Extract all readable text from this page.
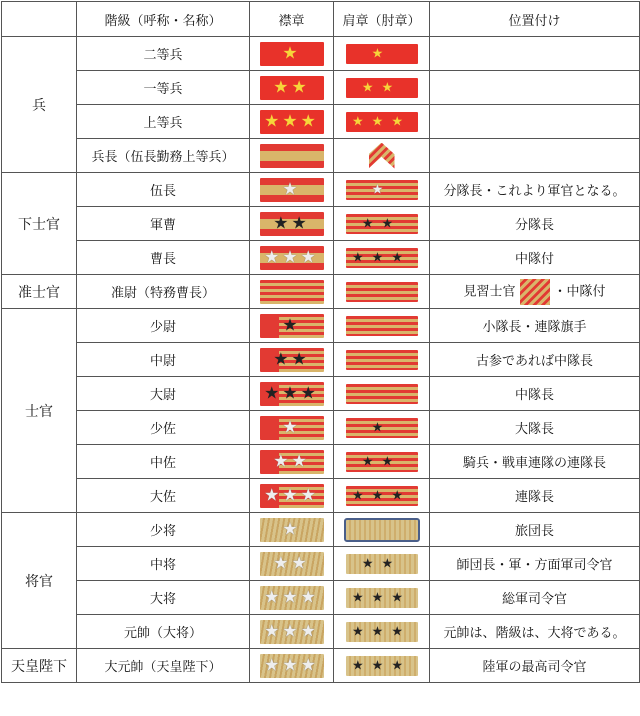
	階級（呼称・名称）	襟章	肩章（肘章）	位置付け
兵	二等兵	★	★	

	一等兵	★★	★★	

	上等兵	★★★	★★★	

	兵長（伍長勤務上等兵）			
下士官	伍長	★	★	分隊長・これより軍官となる。
	軍曹	★★	★★	分隊長
	曹長	★★★	★★★	中隊付
准士官	准尉（特務曹長）			見習士官 ・中隊付
士官	少尉	★		小隊長・連隊旗手
	中尉	★★		古参であれば中隊長
	大尉	★★★		中隊長
	少佐	★	★	大隊長
	中佐	★★	★★	騎兵・戦車連隊の連隊長
	大佐	★★★	★★★	連隊長
将官	少将	★		旅団長
	中将	★★	★★	師団長・軍・方面軍司令官
	大将	★★★	★★★	総軍司令官
	元帥（大将）	★★★	★★★	元帥は、階級は、大将である。
天皇陛下	大元帥（天皇陛下）	★★★	★★★	陸軍の最高司令官
